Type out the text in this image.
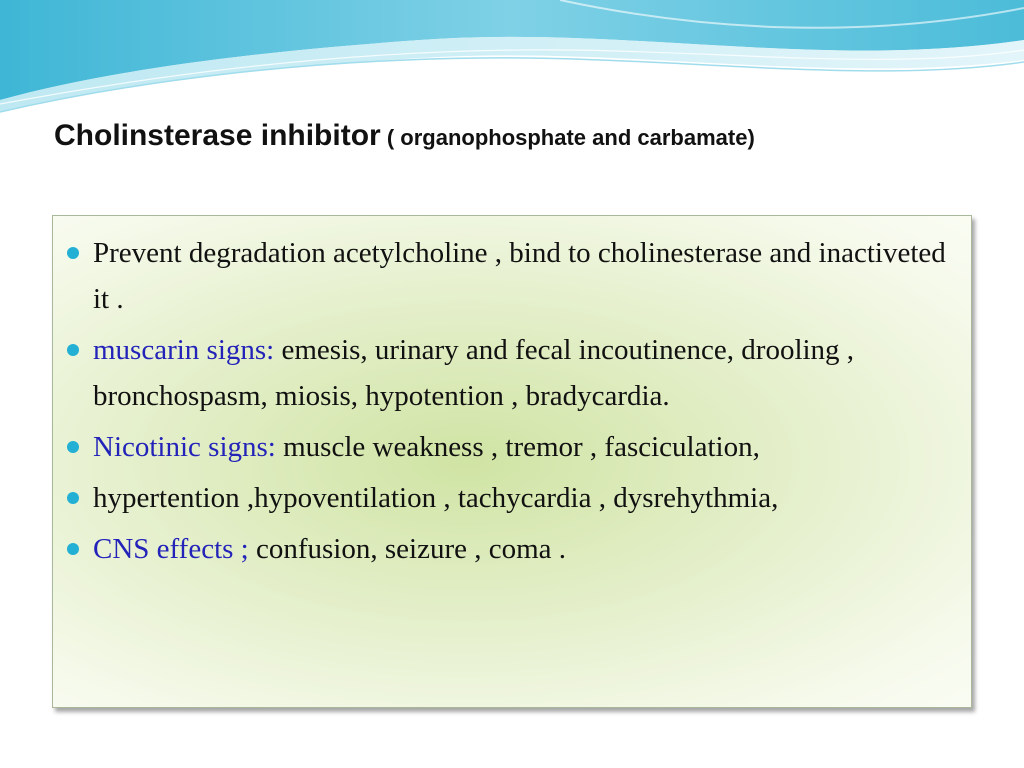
Cholinsterase inhibitor ( organophosphate and carbamate)
Prevent degradation acetylcholine , bind to cholinesterase and inactiveted it .
muscarin signs: emesis, urinary and fecal incoutinence, drooling , bronchospasm, miosis, hypotention , bradycardia.
Nicotinic signs: muscle weakness , tremor , fasciculation,
hypertention ,hypoventilation , tachycardia , dysrehythmia,
CNS effects ; confusion, seizure , coma .
